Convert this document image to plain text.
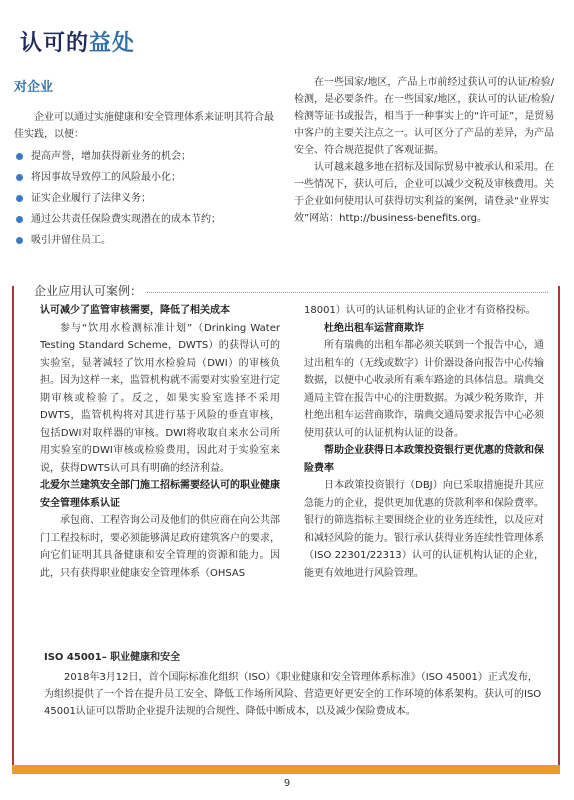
认可的益处
对企业

企业可以通过实施健康和安全管理体系来证明其符合最佳实践，以便：

提高声誉，增加获得新业务的机会；
将因事故导致停工的风险最小化；
证实企业履行了法律义务；
通过公共责任保险费实现潜在的成本节约；
吸引并留住员工。

在一些国家/地区，产品上市前经过获认可的认证/检验/检测，是必要条件。在一些国家/地区，获认可的认证/检验/检测等证书或报告，相当于一种事实上的“许可证”，是贸易中客户的主要关注点之一。认可区分了产品的差异，为产品安全、符合规范提供了客观证据。

认可越来越多地在招标及国际贸易中被承认和采用。在一些情况下，获认可后，企业可以减少交税及审核费用。关于企业如何使用认可获得切实利益的案例，请登录“业界实效”网站：http://business-benefits.org。

企业应用认可案例：

认可减少了监管审核需要，降低了相关成本

参与“饮用水检测标准计划”（Drinking Water Testing Standard Scheme，DWTS）的获得认可的实验室，显著减轻了饮用水检验局（DWI）的审核负担。因为这样一来，监管机构就不需要对实验室进行定期审核或检验了。反之，如果实验室选择不采用DWTS，监管机构将对其进行基于风险的垂直审核，包括DWI对取样器的审核。DWI将收取自来水公司所用实验室的DWI审核或检验费用，因此对于实验室来说，获得DWTS认可具有明确的经济利益。

北爱尔兰建筑安全部门施工招标需要经认可的职业健康安全管理体系认证

承包商、工程咨询公司及他们的供应商在向公共部门工程投标时，要必须能够满足政府建筑客户的要求，向它们证明其具备健康和安全管理的资源和能力。因此，只有获得职业健康安全管理体系（OHSAS

18001）认可的认证机构认证的企业才有资格投标。

杜绝出租车运营商欺诈

所有瑞典的出租车都必须关联到一个报告中心，通过出租车的（无线或数字）计价器设备向报告中心传输数据，以便中心收录所有乘车路途的具体信息。瑞典交通局主管在报告中心的注册数据。为减少税务欺诈，并杜绝出租车运营商欺诈，瑞典交通局要求报告中心必须使用获认可的认证机构认证的设备。

帮助企业获得日本政策投资银行更优惠的贷款和保险费率

日本政策投资银行（DBJ）向已采取措施提升其应急能力的企业，提供更加优惠的贷款利率和保险费率。银行的筛选指标主要围绕企业的业务连续性，以及应对和减轻风险的能力。银行承认获得业务连续性管理体系（ISO 22301/22313）认可的认证机构认证的企业，能更有效地进行风险管理。

ISO 45001– 职业健康和安全

2018年3月12日，首个国际标准化组织（ISO）《职业健康和安全管理体系标准》（ISO 45001）正式发布，为组织提供了一个旨在提升员工安全、降低工作场所风险、营造更好更安全的工作环境的体系架构。获认可的ISO 45001认证可以帮助企业提升法规的合规性、降低中断成本，以及减少保险费成本。

9
